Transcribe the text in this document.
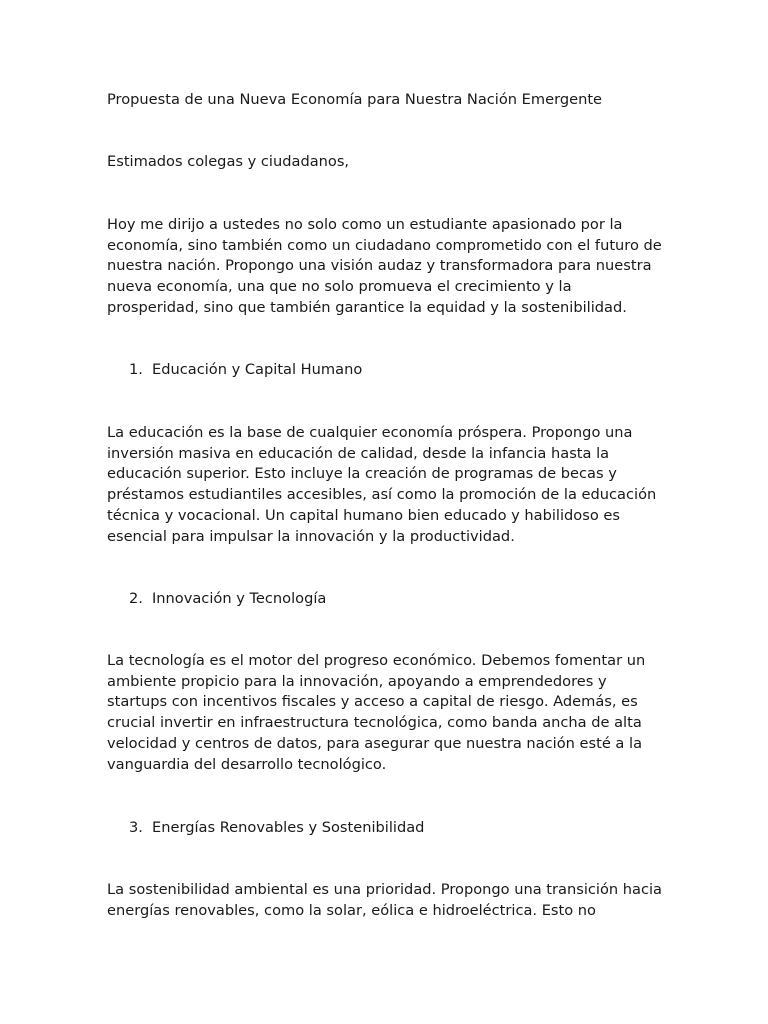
Propuesta de una Nueva Economía para Nuestra Nación Emergente

Estimados colegas y ciudadanos,

Hoy me dirijo a ustedes no solo como un estudiante apasionado por la economía, sino también como un ciudadano comprometido con el futuro de nuestra nación. Propongo una visión audaz y transformadora para nuestra nueva economía, una que no solo promueva el crecimiento y la prosperidad, sino que también garantice la equidad y la sostenibilidad.

1. Educación y Capital Humano

La educación es la base de cualquier economía próspera. Propongo una inversión masiva en educación de calidad, desde la infancia hasta la educación superior. Esto incluye la creación de programas de becas y préstamos estudiantiles accesibles, así como la promoción de la educación técnica y vocacional. Un capital humano bien educado y habilidoso es esencial para impulsar la innovación y la productividad.

2. Innovación y Tecnología

La tecnología es el motor del progreso económico. Debemos fomentar un ambiente propicio para la innovación, apoyando a emprendedores y startups con incentivos fiscales y acceso a capital de riesgo. Además, es crucial invertir en infraestructura tecnológica, como banda ancha de alta velocidad y centros de datos, para asegurar que nuestra nación esté a la vanguardia del desarrollo tecnológico.

3. Energías Renovables y Sostenibilidad

La sostenibilidad ambiental es una prioridad. Propongo una transición hacia energías renovables, como la solar, eólica e hidroeléctrica. Esto no
